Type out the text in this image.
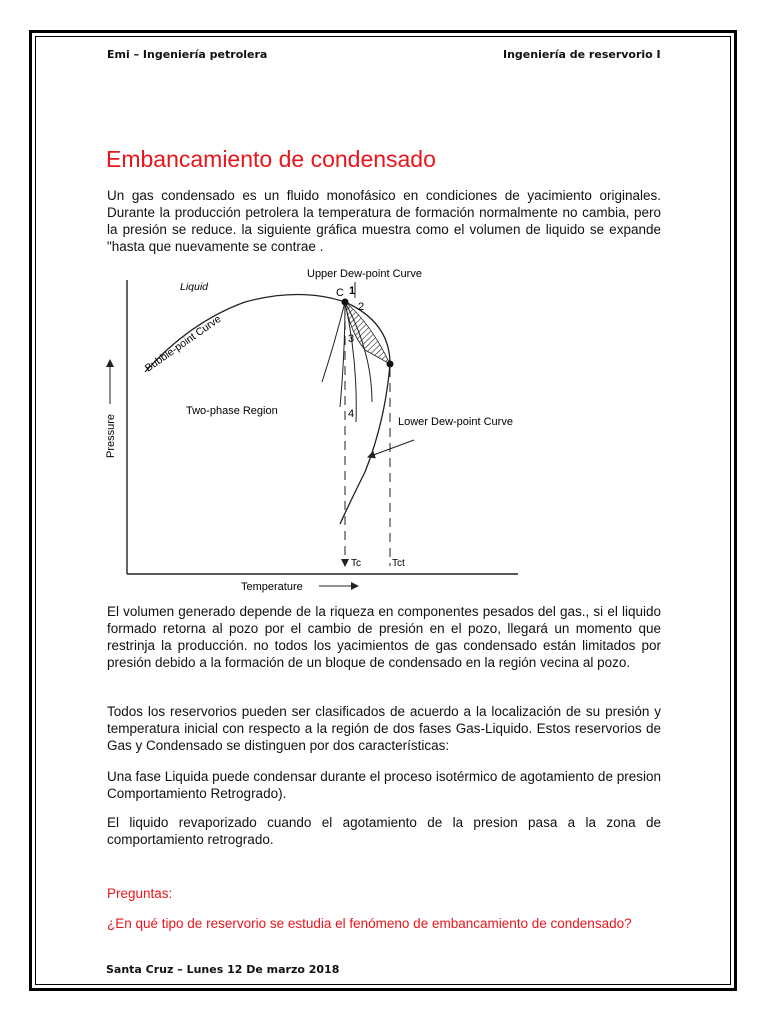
Emi – Ingeniería petrolera	Ingeniería de reservorio I
Embancamiento de condensado

Un gas condensado es un fluido monofásico en condiciones de yacimiento originales. Durante la producción petrolera la temperatura de formación normalmente no cambia, pero la presión se reduce. la siguiente gráfica muestra como el volumen de liquido se expande "hasta que nuevamente se contrae .

Pressure
Temperature
Liquid
Bubble-point Curve
Upper Dew-point Curve
Two-phase Region
Lower Dew-point Curve
C 1
2
3
4
Tc	Tct

El volumen generado depende de la riqueza en componentes pesados del gas., si el liquido formado retorna al pozo por el cambio de presión en el pozo, llegará un momento que restrinja la producción. no todos los yacimientos de gas condensado están limitados por presión debido a la formación de un bloque de condensado en la región vecina al pozo.

Todos los reservorios pueden ser clasificados de acuerdo a la localización de su presión y temperatura inicial con respecto a la región de dos fases Gas-Liquido. Estos reservorios de Gas y Condensado se distinguen por dos características:

Una fase Liquida puede condensar durante el proceso isotérmico de agotamiento de presion Comportamiento Retrogrado).

El liquido revaporizado cuando el agotamiento de la presion pasa a la zona de comportamiento retrogrado.

Preguntas:

¿En qué tipo de reservorio se estudia el fenómeno de embancamiento de condensado?

Santa Cruz – Lunes 12 De marzo 2018
